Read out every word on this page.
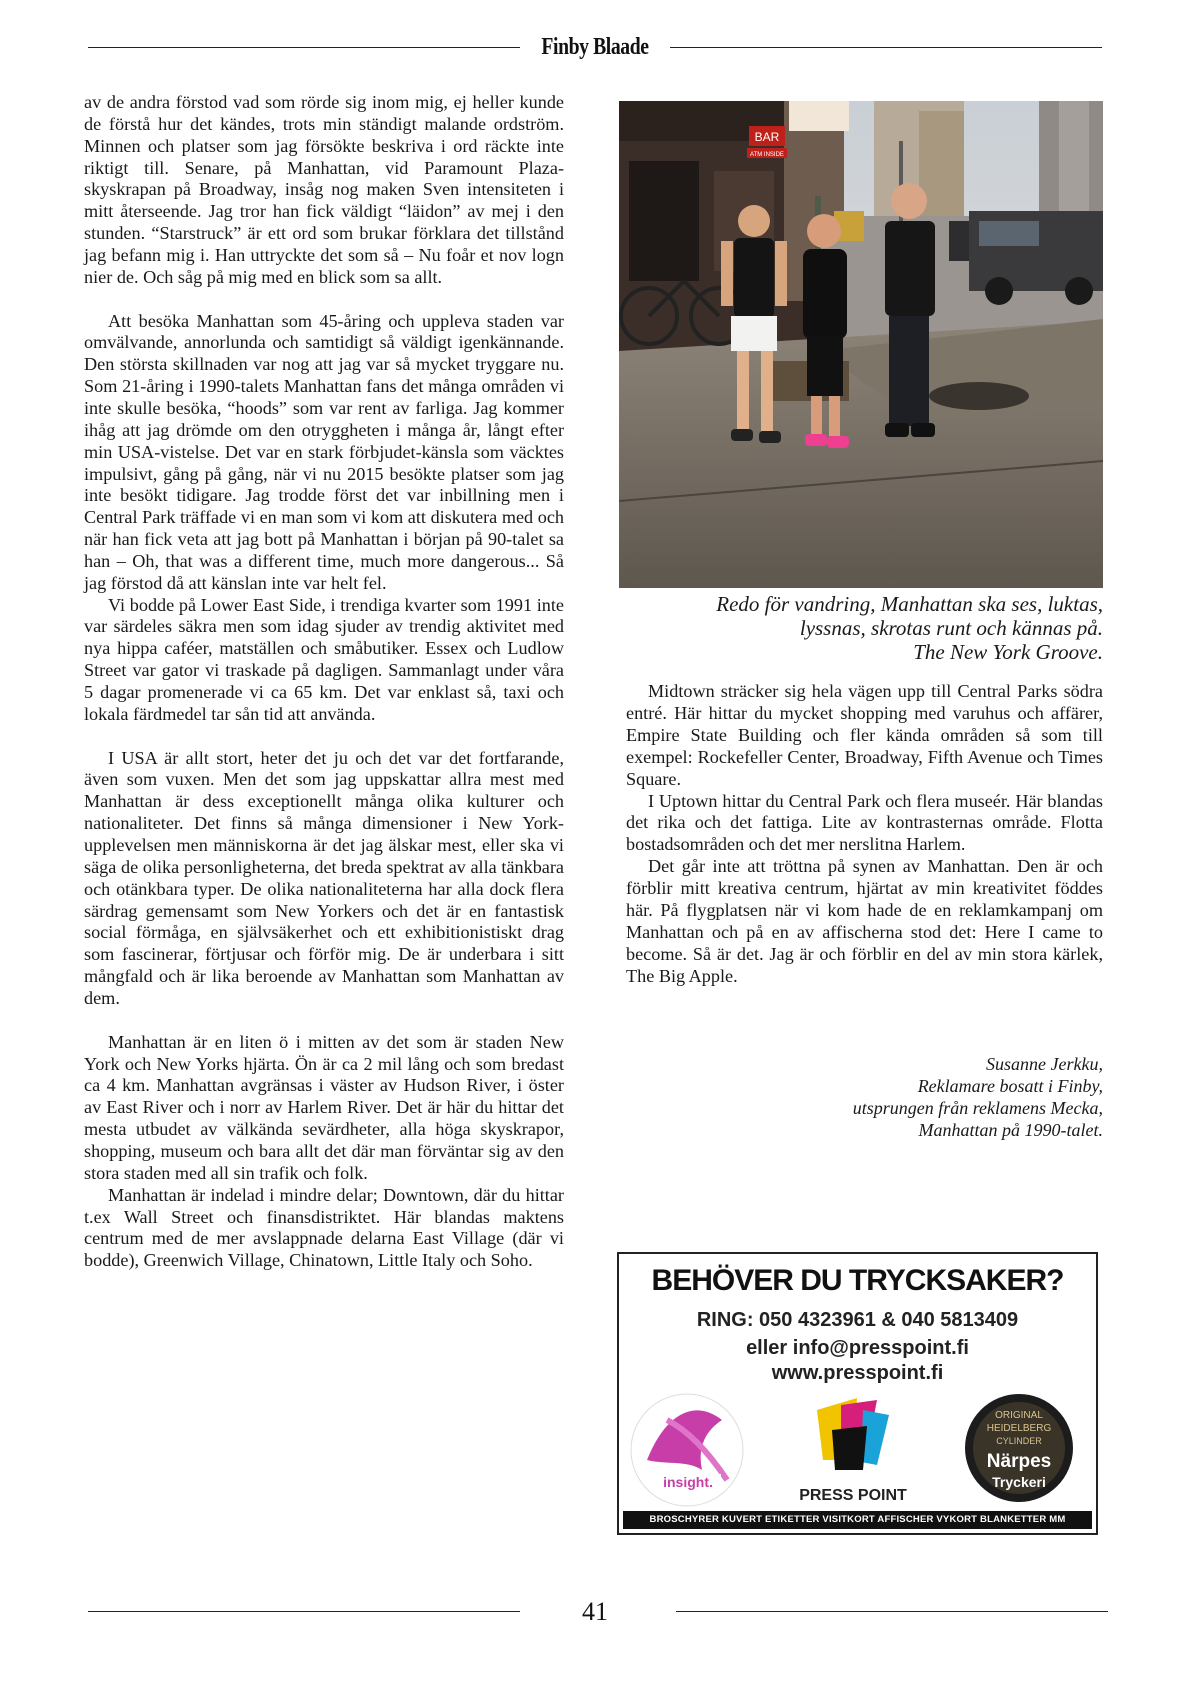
Finby Blaade

av de andra förstod vad som rörde sig inom mig, ej heller kunde de förstå hur det kändes, trots min ständigt malande ordström. Minnen och platser som jag försökte beskriva i ord räckte inte riktigt till. Senare, på Manhattan, vid Paramount Plaza-skyskrapan på Broadway, insåg nog maken Sven intensiteten i mitt återseende. Jag tror han fick väldigt “läidon” av mej i den stunden. “Starstruck” är ett ord som brukar förklara det tillstånd jag befann mig i. Han uttryckte det som så – Nu foår et nov logn nier de. Och såg på mig med en blick som sa allt.

Att besöka Manhattan som 45-åring och uppleva staden var omvälvande, annorlunda och samtidigt så väldigt igenkännande. Den största skillnaden var nog att jag var så mycket tryggare nu. Som 21-åring i 1990-talets Manhattan fans det många områden vi inte skulle besöka, “hoods” som var rent av farliga. Jag kommer ihåg att jag drömde om den otryggheten i många år, långt efter min USA-vistelse. Det var en stark förbjudet-känsla som väcktes impulsivt, gång på gång, när vi nu 2015 besökte platser som jag inte besökt tidigare. Jag trodde först det var inbillning men i Central Park träffade vi en man som vi kom att diskutera med och när han fick veta att jag bott på Manhattan i början på 90-talet sa han – Oh, that was a different time, much more dangerous... Så jag förstod då att känslan inte var helt fel.

Vi bodde på Lower East Side, i trendiga kvarter som 1991 inte var särdeles säkra men som idag sjuder av trendig aktivitet med nya hippa caféer, matställen och småbutiker. Essex och Ludlow Street var gator vi traskade på dagligen. Sammanlagt under våra 5 dagar promenerade vi ca 65 km. Det var enklast så, taxi och lokala färdmedel tar sån tid att använda.

I USA är allt stort, heter det ju och det var det fortfarande, även som vuxen. Men det som jag uppskattar allra mest med Manhattan är dess exceptionellt många olika kulturer och nationaliteter. Det finns så många dimensioner i New York-upplevelsen men människorna är det jag älskar mest, eller ska vi säga de olika personligheterna, det breda spektrat av alla tänkbara och otänkbara typer. De olika nationaliteterna har alla dock flera särdrag gemensamt som New Yorkers och det är en fantastisk social förmåga, en självsäkerhet och ett exhibitionistiskt drag som fascinerar, förtjusar och förför mig. De är underbara i sitt mångfald och är lika beroende av Manhattan som Manhattan av dem.

Manhattan är en liten ö i mitten av det som är staden New York och New Yorks hjärta. Ön är ca 2 mil lång och som bredast ca 4 km. Manhattan avgränsas i väster av Hudson River, i öster av East River och i norr av Harlem River. Det är här du hittar det mesta utbudet av välkända sevärdheter, alla höga skyskrapor, shopping, museum och bara allt det där man förväntar sig av den stora staden med all sin trafik och folk.

Manhattan är indelad i mindre delar; Downtown, där du hittar t.ex Wall Street och finansdistriktet. Här blandas maktens centrum med de mer avslappnade delarna East Village (där vi bodde), Greenwich Village, Chinatown, Little Italy och Soho.

BAR
ATM INSIDE
Redo för vandring, Manhattan ska ses, luktas,
lyssnas, skrotas runt och kännas på.
The New York Groove.

Midtown sträcker sig hela vägen upp till Central Parks södra entré. Här hittar du mycket shopping med varuhus och affärer, Empire State Building och fler kända områden så som till exempel: Rockefeller Center, Broadway, Fifth Avenue och Times Square.

I Uptown hittar du Central Park och flera museér. Här blandas det rika och det fattiga. Lite av kontrasternas område. Flotta bostadsområden och det mer nerslitna Harlem.

Det går inte att tröttna på synen av Manhattan. Den är och förblir mitt kreativa centrum, hjärtat av min kreativitet föddes här. På flygplatsen när vi kom hade de en reklamkampanj om Manhattan och på en av affischerna stod det: Here I came to become. Så är det. Jag är och förblir en del av min stora kärlek, The Big Apple.

Susanne Jerkku,
Reklamare bosatt i Finby,
utsprungen från reklamens Mecka,
Manhattan på 1990-talet.
BEHÖVER DU TRYCKSAKER?
RING: 050 4323961 & 040 5813409
eller info@presspoint.fi
www.presspoint.fi
insight.
PRESS POINT
ORIGINAL
HEIDELBERG
CYLINDER
Närpes
Tryckeri
BROSCHYRER KUVERT ETIKETTER VISITKORT AFFISCHER VYKORT BLANKETTER MM
41
